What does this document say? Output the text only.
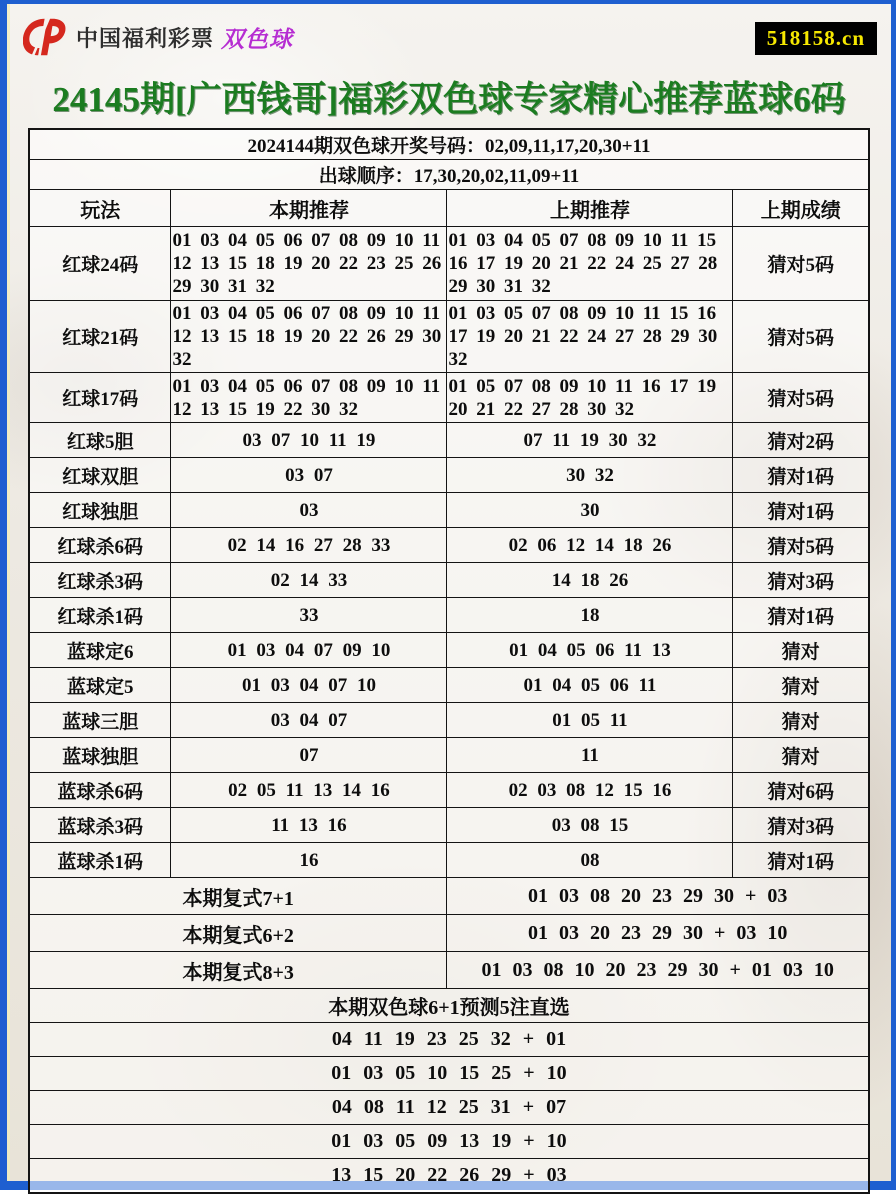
中国福利彩票 双色球	518158.cn
24145期[广西钱哥]福彩双色球专家精心推荐蓝球6码
2024144期双色球开奖号码：02,09,11,17,20,30+11			
出球顺序：17,30,20,02,11,09+11			
玩法	本期推荐	上期推荐	上期成绩
红球24码	01 03 04 05 06 07 08 09 10 11 12 13 15 18 19 20 22 23 25 26 29 30 31 32	01 03 04 05 07 08 09 10 11 15 16 17 19 20 21 22 24 25 27 28 29 30 31 32	猜对5码
红球21码	01 03 04 05 06 07 08 09 10 11 12 13 15 18 19 20 22 26 29 30 32	01 03 05 07 08 09 10 11 15 16 17 19 20 21 22 24 27 28 29 30 32	猜对5码
红球17码	01 03 04 05 06 07 08 09 10 11 12 13 15 19 22 30 32	01 05 07 08 09 10 11 16 17 19 20 21 22 27 28 30 32	猜对5码
红球5胆	03 07 10 11 19	07 11 19 30 32	猜对2码
红球双胆	03 07	30 32	猜对1码
红球独胆	03	30	猜对1码
红球杀6码	02 14 16 27 28 33	02 06 12 14 18 26	猜对5码
红球杀3码	02 14 33	14 18 26	猜对3码
红球杀1码	33	18	猜对1码
蓝球定6	01 03 04 07 09 10	01 04 05 06 11 13	猜对
蓝球定5	01 03 04 07 10	01 04 05 06 11	猜对
蓝球三胆	03 04 07	01 05 11	猜对
蓝球独胆	07	11	猜对
蓝球杀6码	02 05 11 13 14 16	02 03 08 12 15 16	猜对6码
蓝球杀3码	11 13 16	03 08 15	猜对3码
蓝球杀1码	16	08	猜对1码
本期复式7+1		01 03 08 20 23 29 30 + 03	
本期复式6+2		01 03 20 23 29 30 + 03 10	
本期复式8+3		01 03 08 10 20 23 29 30 + 01 03 10	
本期双色球6+1预测5注直选			
04 11 19 23 25 32 + 01			
01 03 05 10 15 25 + 10			
04 08 11 12 25 31 + 07			
01 03 05 09 13 19 + 10			
13 15 20 22 26 29 + 03			
